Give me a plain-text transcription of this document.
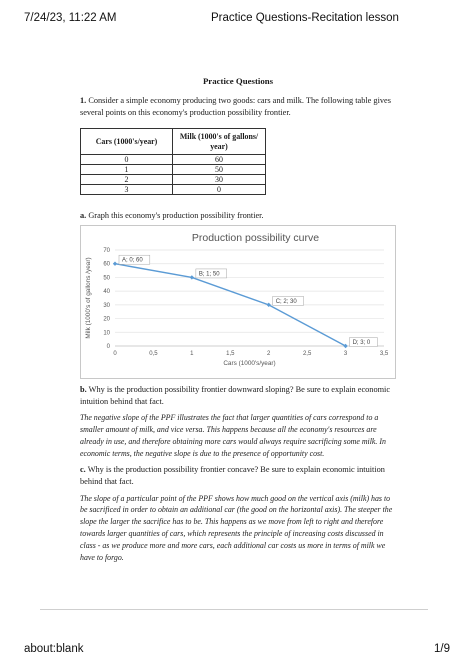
7/24/23, 11:22 AM	Practice Questions-Recitation lesson
Practice Questions

1. Consider a simple economy producing two goods: cars and milk. The following table gives several points on this economy's production possibility frontier.

Cars (1000's/year)	Milk (1000's of gallons/ year)
0	60
1	50
2	30
3	0

a. Graph this economy's production possibility frontier.

Production possibility curve
0
10
20
30
40
50
60
70
0	0,5	1	1,5	2	2,5	3	3,5
Cars (1000's/year)
Milk (1000's of gallons /year)	A; 0; 60
B; 1; 50
C; 2; 30
D; 3; 0

b. Why is the production possibility frontier downward sloping? Be sure to explain economic intuition behind that fact.

The negative slope of the PPF illustrates the fact that larger quantities of cars correspond to a smaller amount of milk, and vice versa. This happens because all the economy's resources are already in use, and therefore obtaining more cars would always require sacrificing some milk. In economic terms, the negative slope is due to the presence of opportunity cost.

c. Why is the production possibility frontier concave? Be sure to explain economic intuition behind that fact.

The slope of a particular point of the PPF shows how much good on the vertical axis (milk) has to be sacrificed in order to obtain an additional car (the good on the horizontal axis). The steeper the slope the larger the sacrifice has to be. This happens as we move from left to right and therefore towards larger quantities of cars, which represents the principle of increasing costs discussed in class - as we produce more and more cars, each additional car costs us more in terms of milk we have to forgo.

about:blank	1/9
